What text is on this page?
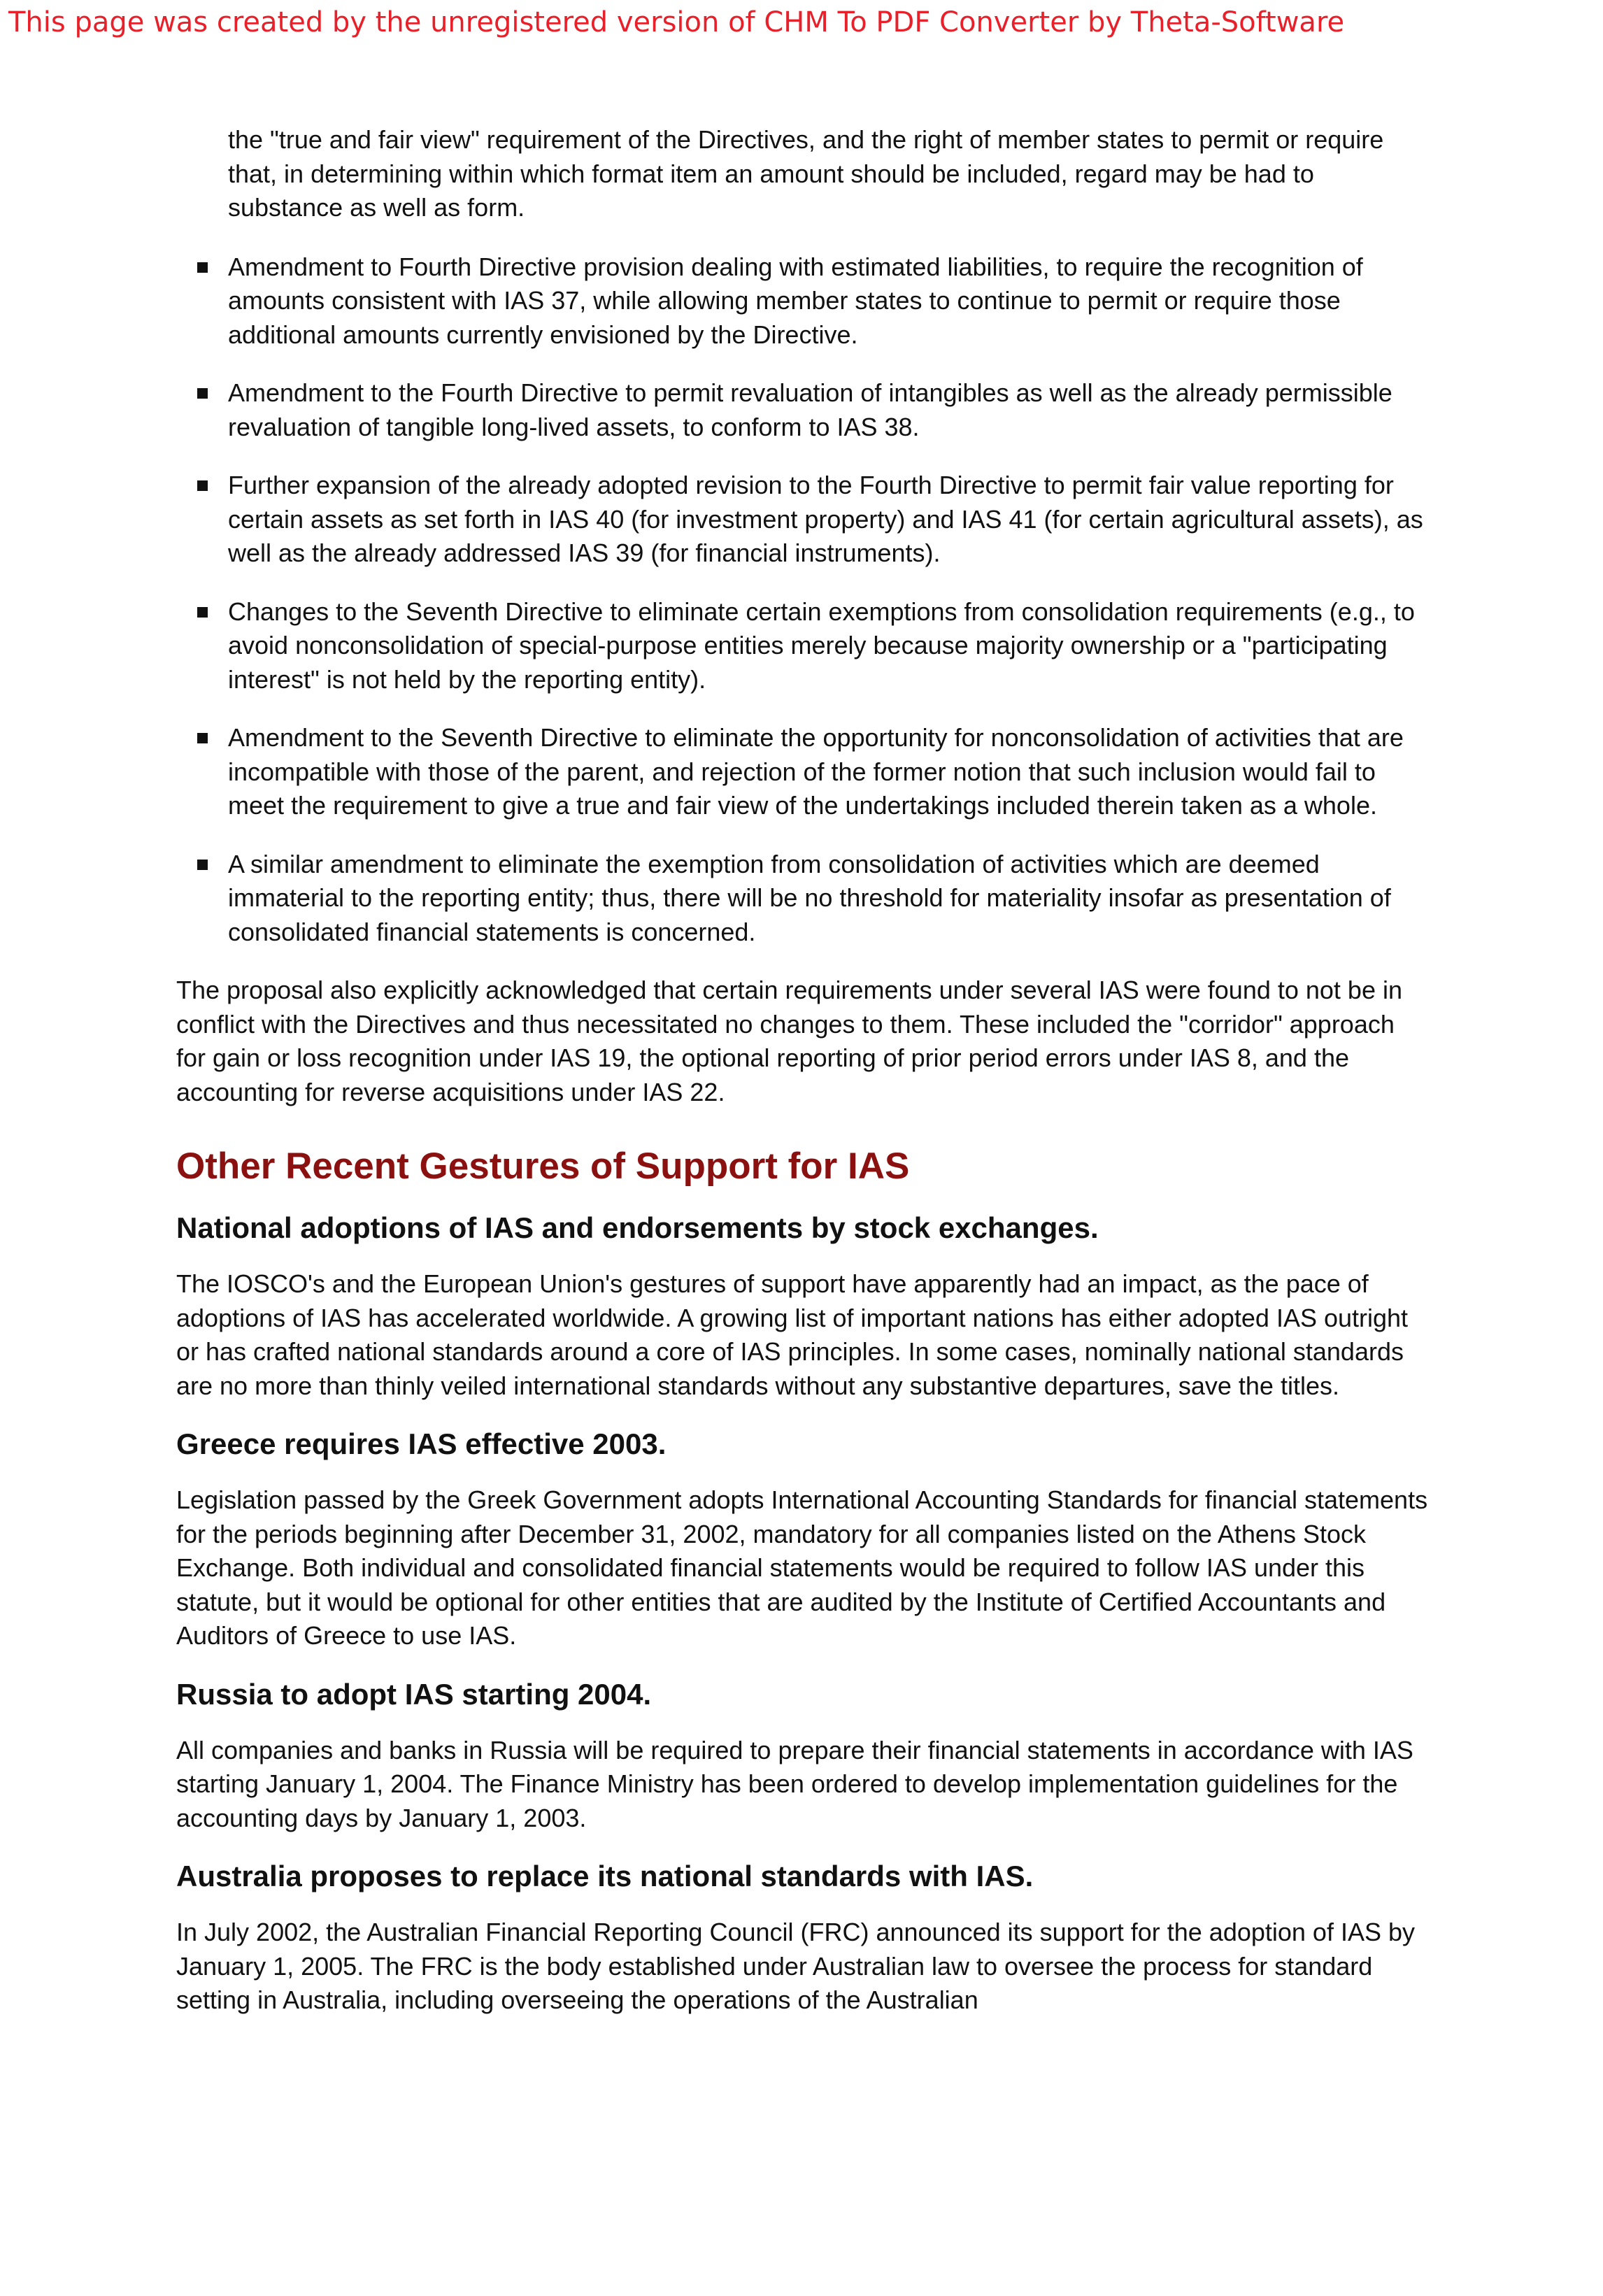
This page was created by the unregistered version of CHM To PDF Converter by Theta-Software

the "true and fair view" requirement of the Directives, and the right of member states to permit or require that, in determining within which format item an amount should be included, regard may be had to substance as well as form.

Amendment to Fourth Directive provision dealing with estimated liabilities, to require the recognition of amounts consistent with IAS 37, while allowing member states to continue to permit or require those additional amounts currently envisioned by the Directive.
Amendment to the Fourth Directive to permit revaluation of intangibles as well as the already permissible revaluation of tangible long-lived assets, to conform to IAS 38.
Further expansion of the already adopted revision to the Fourth Directive to permit fair value reporting for certain assets as set forth in IAS 40 (for investment property) and IAS 41 (for certain agricultural assets), as well as the already addressed IAS 39 (for financial instruments).
Changes to the Seventh Directive to eliminate certain exemptions from consolidation requirements (e.g., to avoid nonconsolidation of special-purpose entities merely because majority ownership or a "participating interest" is not held by the reporting entity).
Amendment to the Seventh Directive to eliminate the opportunity for nonconsolidation of activities that are incompatible with those of the parent, and rejection of the former notion that such inclusion would fail to meet the requirement to give a true and fair view of the undertakings included therein taken as a whole.
A similar amendment to eliminate the exemption from consolidation of activities which are deemed immaterial to the reporting entity; thus, there will be no threshold for materiality insofar as presentation of consolidated financial statements is concerned.

The proposal also explicitly acknowledged that certain requirements under several IAS were found to not be in conflict with the Directives and thus necessitated no changes to them. These included the "corridor" approach for gain or loss recognition under IAS 19, the optional reporting of prior period errors under IAS 8, and the accounting for reverse acquisitions under IAS 22.

Other Recent Gestures of Support for IAS
National adoptions of IAS and endorsements by stock exchanges.

The IOSCO's and the European Union's gestures of support have apparently had an impact, as the pace of adoptions of IAS has accelerated worldwide. A growing list of important nations has either adopted IAS outright or has crafted national standards around a core of IAS principles. In some cases, nominally national standards are no more than thinly veiled international standards without any substantive departures, save the titles.

Greece requires IAS effective 2003.

Legislation passed by the Greek Government adopts International Accounting Standards for financial statements for the periods beginning after December 31, 2002, mandatory for all companies listed on the Athens Stock Exchange. Both individual and consolidated financial statements would be required to follow IAS under this statute, but it would be optional for other entities that are audited by the Institute of Certified Accountants and Auditors of Greece to use IAS.

Russia to adopt IAS starting 2004.

All companies and banks in Russia will be required to prepare their financial statements in accordance with IAS starting January 1, 2004. The Finance Ministry has been ordered to develop implementation guidelines for the accounting days by January 1, 2003.

Australia proposes to replace its national standards with IAS.

In July 2002, the Australian Financial Reporting Council (FRC) announced its support for the adoption of IAS by January 1, 2005. The FRC is the body established under Australian law to oversee the process for standard setting in Australia, including overseeing the operations of the Australian
